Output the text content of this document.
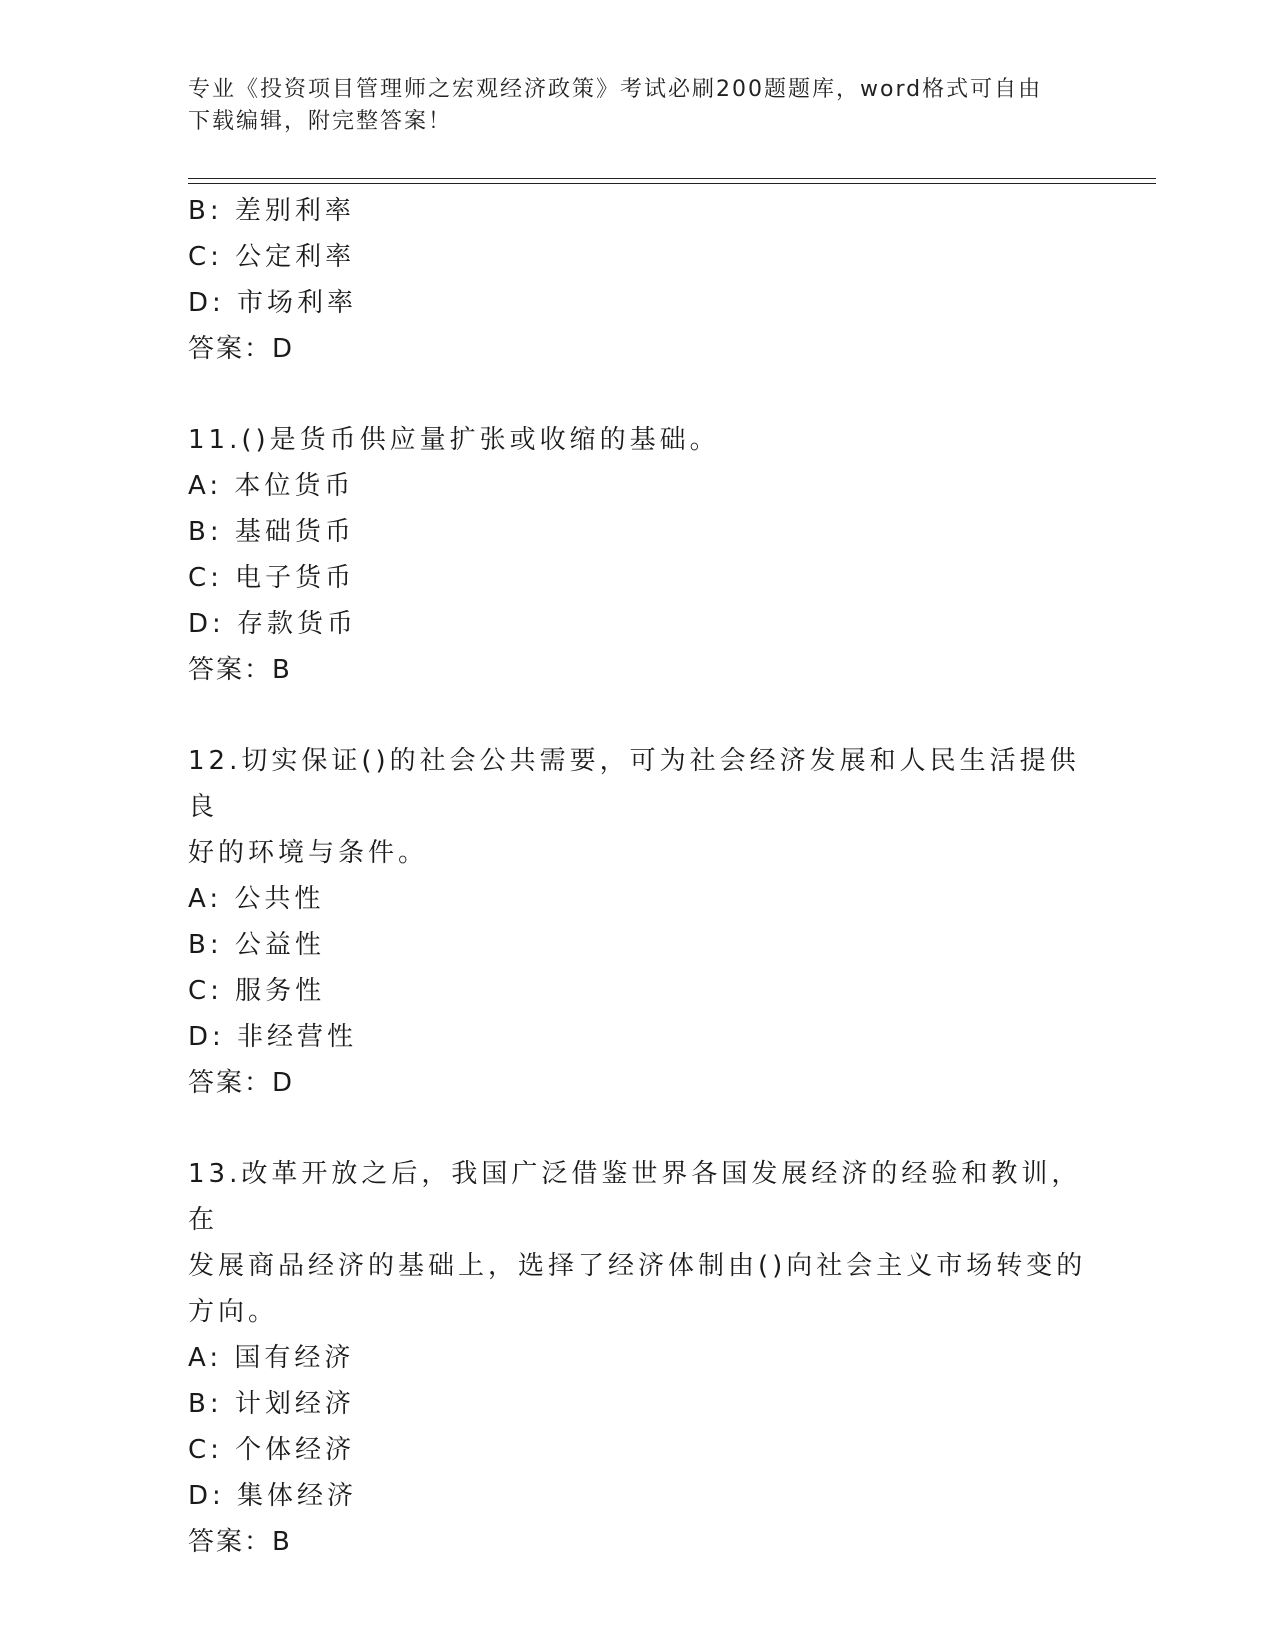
专业《投资项目管理师之宏观经济政策》考试必刷200题题库，word格式可自由
下载编辑，附完整答案！
B: 差别利率
C: 公定利率
D: 市场利率
答案：D
11.()是货币供应量扩张或收缩的基础。
A: 本位货币
B: 基础货币
C: 电子货币
D: 存款货币
答案：B
12.切实保证()的社会公共需要，可为社会经济发展和人民生活提供良
好的环境与条件。
A: 公共性
B: 公益性
C: 服务性
D: 非经营性
答案：D
13.改革开放之后，我国广泛借鉴世界各国发展经济的经验和教训，在
发展商品经济的基础上，选择了经济体制由()向社会主义市场转变的
方向。
A: 国有经济
B: 计划经济
C: 个体经济
D: 集体经济
答案：B
